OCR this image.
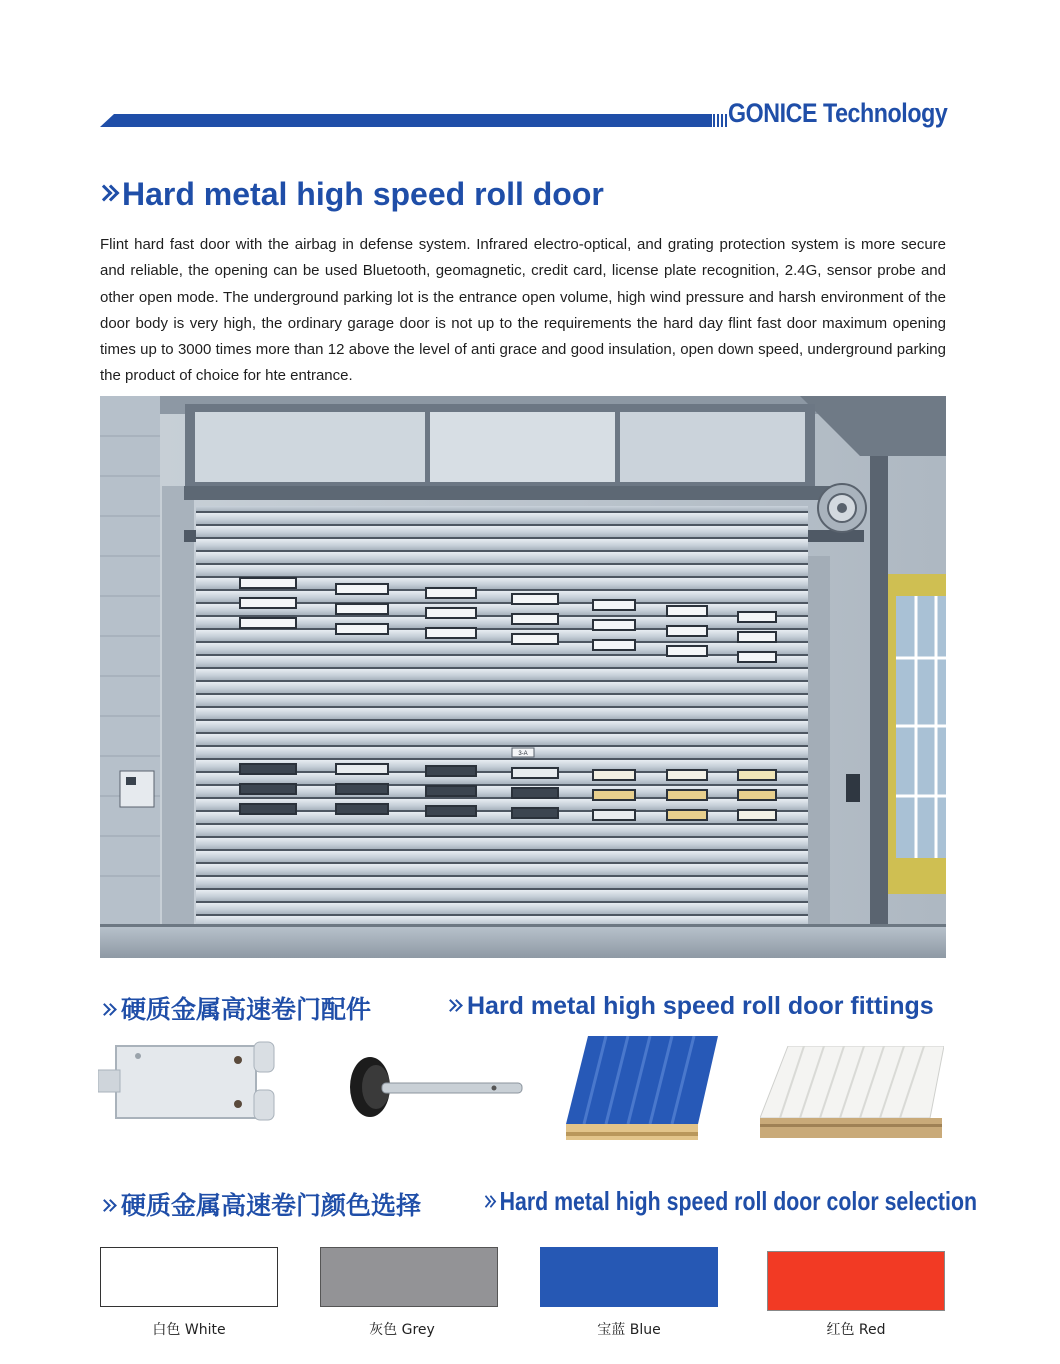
GONICE Technology
Hard metal high speed roll door
Flint hard fast door with the airbag in defense system. Infrared electro-optical, and grating protection system is more secure and reliable, the opening can be used Bluetooth, geomagnetic, credit card, license plate recognition, 2.4G, sensor probe and other open mode. The underground parking lot is the entrance open volume, high wind pressure and harsh environment of the door body is very high, the ordinary garage door is not up to the requirements the hard day flint fast door maximum opening times up to 3000 times more than 12 above the level of anti grace and good insulation, open down speed, underground parking the product of choice for hte entrance.
3-A
硬质金属高速卷门配件	Hard metal high speed roll door fittings
硬质金属高速卷门颜色选择	Hard metal high speed roll door color selection
白色 White	灰色 Grey	宝蓝 Blue	红色 Red
